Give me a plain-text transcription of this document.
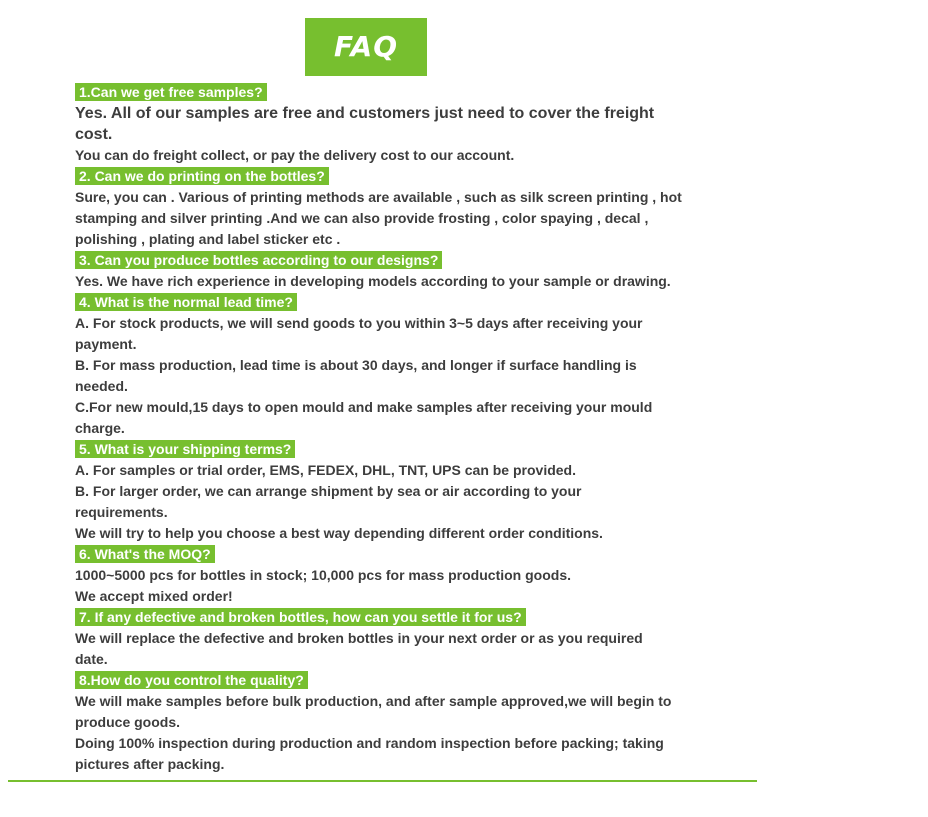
FAQ
1.Can we get free samples?

Yes. All of our samples are free and customers just need to cover the freight cost.

You can do freight collect, or pay the delivery cost to our account.

2. Can we do printing on the bottles?

Sure, you can . Various of printing methods are available , such as silk screen printing , hot stamping and silver printing .And we can also provide frosting , color spaying , decal , polishing , plating and label sticker etc .

3. Can you produce bottles according to our designs?

Yes. We have rich experience in developing models according to your sample or drawing.

4. What is the normal lead time?

A. For stock products, we will send goods to you within 3~5 days after receiving your payment.

B. For mass production, lead time is about 30 days, and longer if surface handling is needed.

C.For new mould,15 days to open mould and make samples after receiving your mould charge.

5. What is your shipping terms?

A. For samples or trial order, EMS, FEDEX, DHL, TNT, UPS can be provided.

B. For larger order, we can arrange shipment by sea or air according to your requirements.

We will try to help you choose a best way depending different order conditions.

6. What's the MOQ?

1000~5000 pcs for bottles in stock; 10,000 pcs for mass production goods.

We accept mixed order!

7. If any defective and broken bottles, how can you settle it for us?

We will replace the defective and broken bottles in your next order or as you required date.

8.How do you control the quality?

We will make samples before bulk production, and after sample approved,we will begin to produce goods.

Doing 100% inspection during production and random inspection before packing; taking pictures after packing.
